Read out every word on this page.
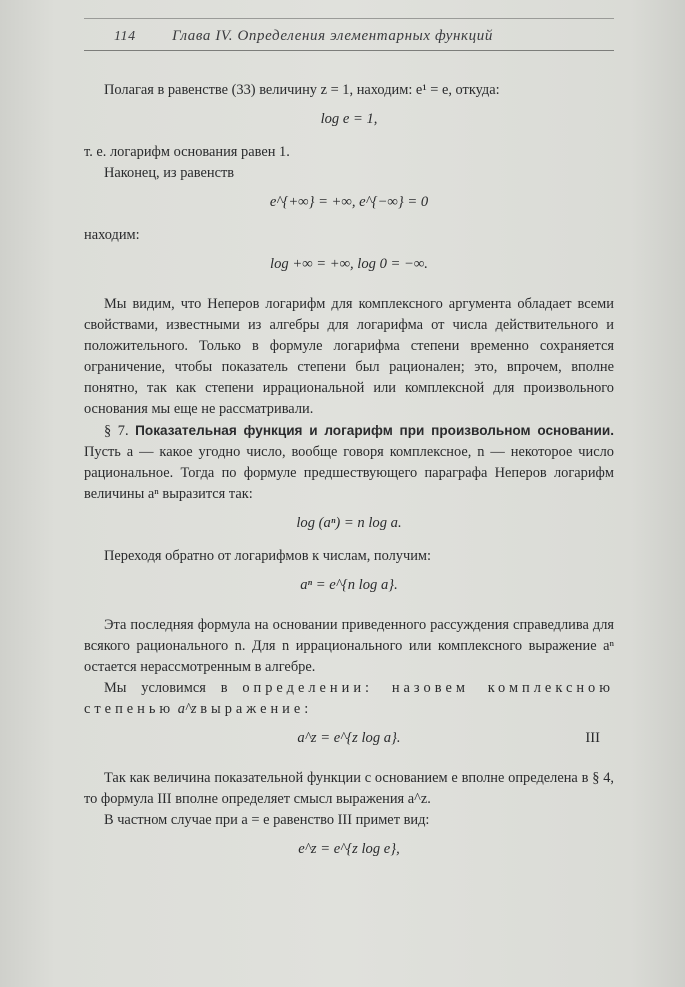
114 Глава IV. Определения элементарных функций

Полагая в равенстве (33) величину z = 1, находим: e¹ = e, откуда:

log e = 1,

т. е. логарифм основания равен 1.

Наконец, из равенств

e^{+∞} = +∞, e^{−∞} = 0

находим:

log +∞ = +∞, log 0 = −∞.

Мы видим, что Неперов логарифм для комплексного аргумента обладает всеми свойствами, известными из алгебры для логарифма от числа действительного и положительного. Только в формуле логарифма степени временно сохраняется ограничение, чтобы показатель степени был рационален; это, впрочем, вполне понятно, так как степени иррациональной или комплексной для произвольного основания мы еще не рассматривали.

§ 7. Показательная функция и логарифм при произвольном основании. Пусть a — какое угодно число, вообще говоря комплексное, n — некоторое число рациональное. Тогда по формуле предшествующего параграфа Неперов логарифм величины aⁿ выразится так:

log (aⁿ) = n log a.

Переходя обратно от логарифмов к числам, получим:

aⁿ = e^{n log a}.

Эта последняя формула на основании приведенного рассуждения справедлива для всякого рационального n. Для n иррационального или комплексного выражение aⁿ остается нерассмотренным в алгебре.

Мы условимся в определении: назовем комплексною степенью a^z выражение:

a^z = e^{z log a}.	III

Так как величина показательной функции с основанием e вполне определена в § 4, то формула III вполне определяет смысл выражения a^z.

В частном случае при a = e равенство III примет вид:

e^z = e^{z log e},
